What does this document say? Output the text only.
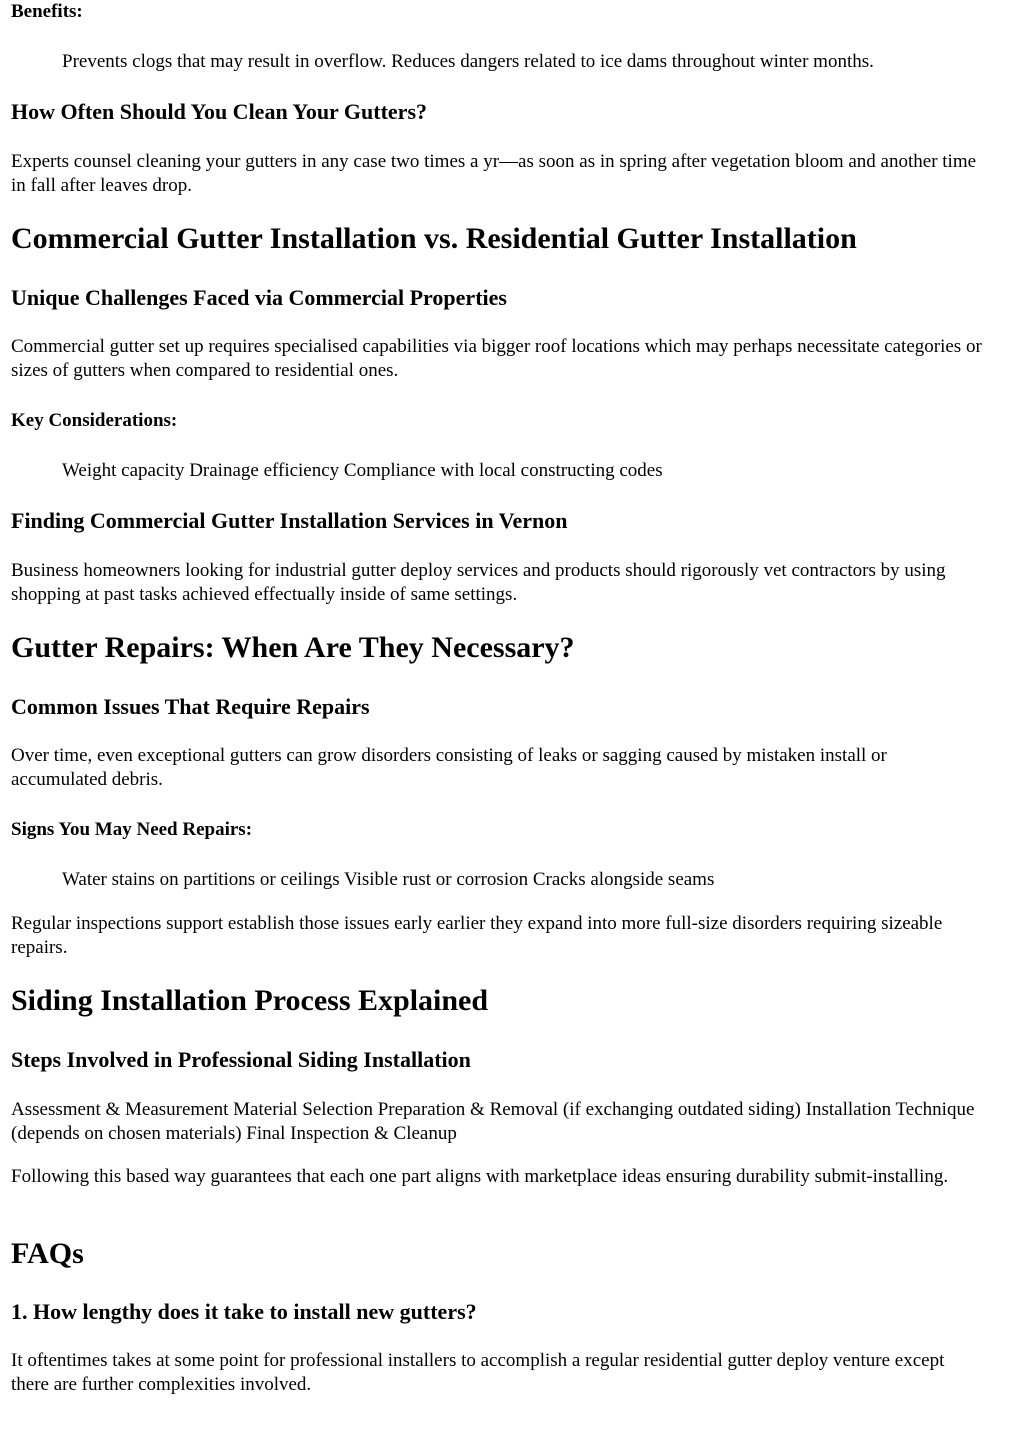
Benefits:
Prevents clogs that may result in overflow. Reduces dangers related to ice dams throughout winter months.
How Often Should You Clean Your Gutters?
Experts counsel cleaning your gutters in any case two times a yr—as soon as in spring after vegetation bloom and another time in fall after leaves drop.
Commercial Gutter Installation vs. Residential Gutter Installation
Unique Challenges Faced via Commercial Properties
Commercial gutter set up requires specialised capabilities via bigger roof locations which may perhaps necessitate categories or sizes of gutters when compared to residential ones.
Key Considerations:
Weight capacity Drainage efficiency Compliance with local constructing codes
Finding Commercial Gutter Installation Services in Vernon
Business homeowners looking for industrial gutter deploy services and products should rigorously vet contractors by using shopping at past tasks achieved effectually inside of same settings.
Gutter Repairs: When Are They Necessary?
Common Issues That Require Repairs
Over time, even exceptional gutters can grow disorders consisting of leaks or sagging caused by mistaken install or accumulated debris.
Signs You May Need Repairs:
Water stains on partitions or ceilings Visible rust or corrosion Cracks alongside seams
Regular inspections support establish those issues early earlier they expand into more full-size disorders requiring sizeable repairs.
Siding Installation Process Explained
Steps Involved in Professional Siding Installation
Assessment & Measurement Material Selection Preparation & Removal (if exchanging outdated siding) Installation Technique (depends on chosen materials) Final Inspection & Cleanup
Following this based way guarantees that each one part aligns with marketplace ideas ensuring durability submit-installing.
FAQs
1. How lengthy does it take to install new gutters?
It oftentimes takes at some point for professional installers to accomplish a regular residential gutter deploy venture except there are further complexities involved.
